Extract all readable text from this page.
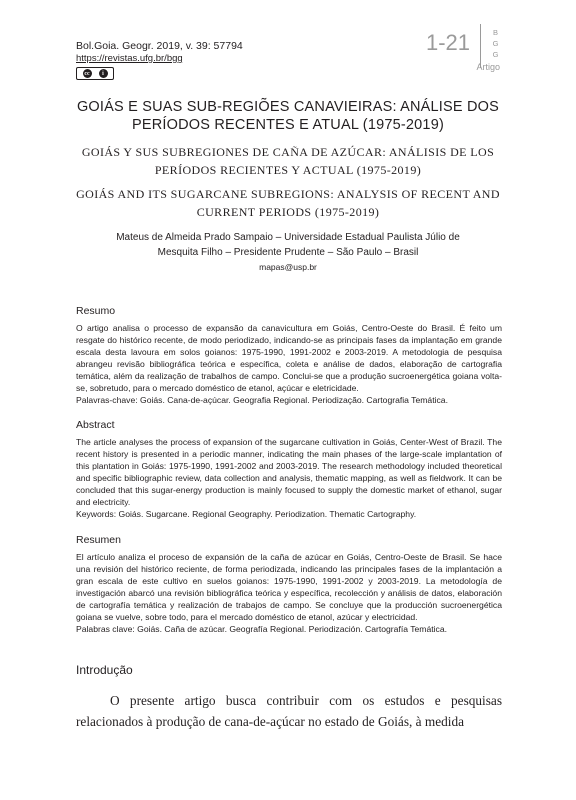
Bol.Goia. Geogr. 2019, v. 39: 57794
https://revistas.ufg.br/bgg
cc	i
1-21	BGG
Artigo
GOIÁS E SUAS SUB-REGIÕES CANAVIEIRAS: ANÁLISE DOS PERÍODOS RECENTES E ATUAL (1975-2019)
GOIÁS Y SUS SUBREGIONES DE CAÑA DE AZÚCAR: ANÁLISIS DE LOS PERÍODOS RECIENTES Y ACTUAL (1975-2019)
GOIÁS AND ITS SUGARCANE SUBREGIONS: ANALYSIS OF RECENT AND CURRENT PERIODS (1975-2019)
Mateus de Almeida Prado Sampaio – Universidade Estadual Paulista Júlio de Mesquita Filho – Presidente Prudente – São Paulo – Brasil
mapas@usp.br
Resumo
O artigo analisa o processo de expansão da canavicultura em Goiás, Centro-Oeste do Brasil. É feito um resgate do histórico recente, de modo periodizado, indicando-se as principais fases da implantação em grande escala desta lavoura em solos goianos: 1975-1990, 1991-2002 e 2003-2019. A metodologia de pesquisa abrangeu revisão bibliográfica teórica e específica, coleta e análise de dados, elaboração de cartografia temática, além da realização de trabalhos de campo. Conclui-se que a produção sucroenergética goiana volta-se, sobretudo, para o mercado doméstico de etanol, açúcar e eletricidade.
Palavras-chave: Goiás. Cana-de-açúcar. Geografia Regional. Periodização. Cartografia Temática.
Abstract
The article analyses the process of expansion of the sugarcane cultivation in Goiás, Center-West of Brazil. The recent history is presented in a periodic manner, indicating the main phases of the large-scale implantation of this plantation in Goiás: 1975-1990, 1991-2002 and 2003-2019. The research methodology included theoretical and specific bibliographic review, data collection and analysis, thematic mapping, as well as fieldwork. It can be concluded that this sugar-energy production is mainly focused to supply the domestic market of ethanol, sugar and electricity.
Keywords: Goiás. Sugarcane. Regional Geography. Periodization. Thematic Cartography.
Resumen
El artículo analiza el proceso de expansión de la caña de azúcar en Goiás, Centro-Oeste de Brasil. Se hace una revisión del histórico reciente, de forma periodizada, indicando las principales fases de la implantación a gran escala de este cultivo en suelos goianos: 1975-1990, 1991-2002 y 2003-2019. La metodología de investigación abarcó una revisión bibliográfica teórica y específica, recolección y análisis de datos, elaboración de cartografía temática y realización de trabajos de campo. Se concluye que la producción sucroenergética goiana se vuelve, sobre todo, para el mercado doméstico de etanol, azúcar y electricidad.
Palabras clave: Goiás. Caña de azúcar. Geografía Regional. Periodización. Cartografía Temática.
Introdução
O presente artigo busca contribuir com os estudos e pesquisas relacionados à produção de cana-de-açúcar no estado de Goiás, à medida
